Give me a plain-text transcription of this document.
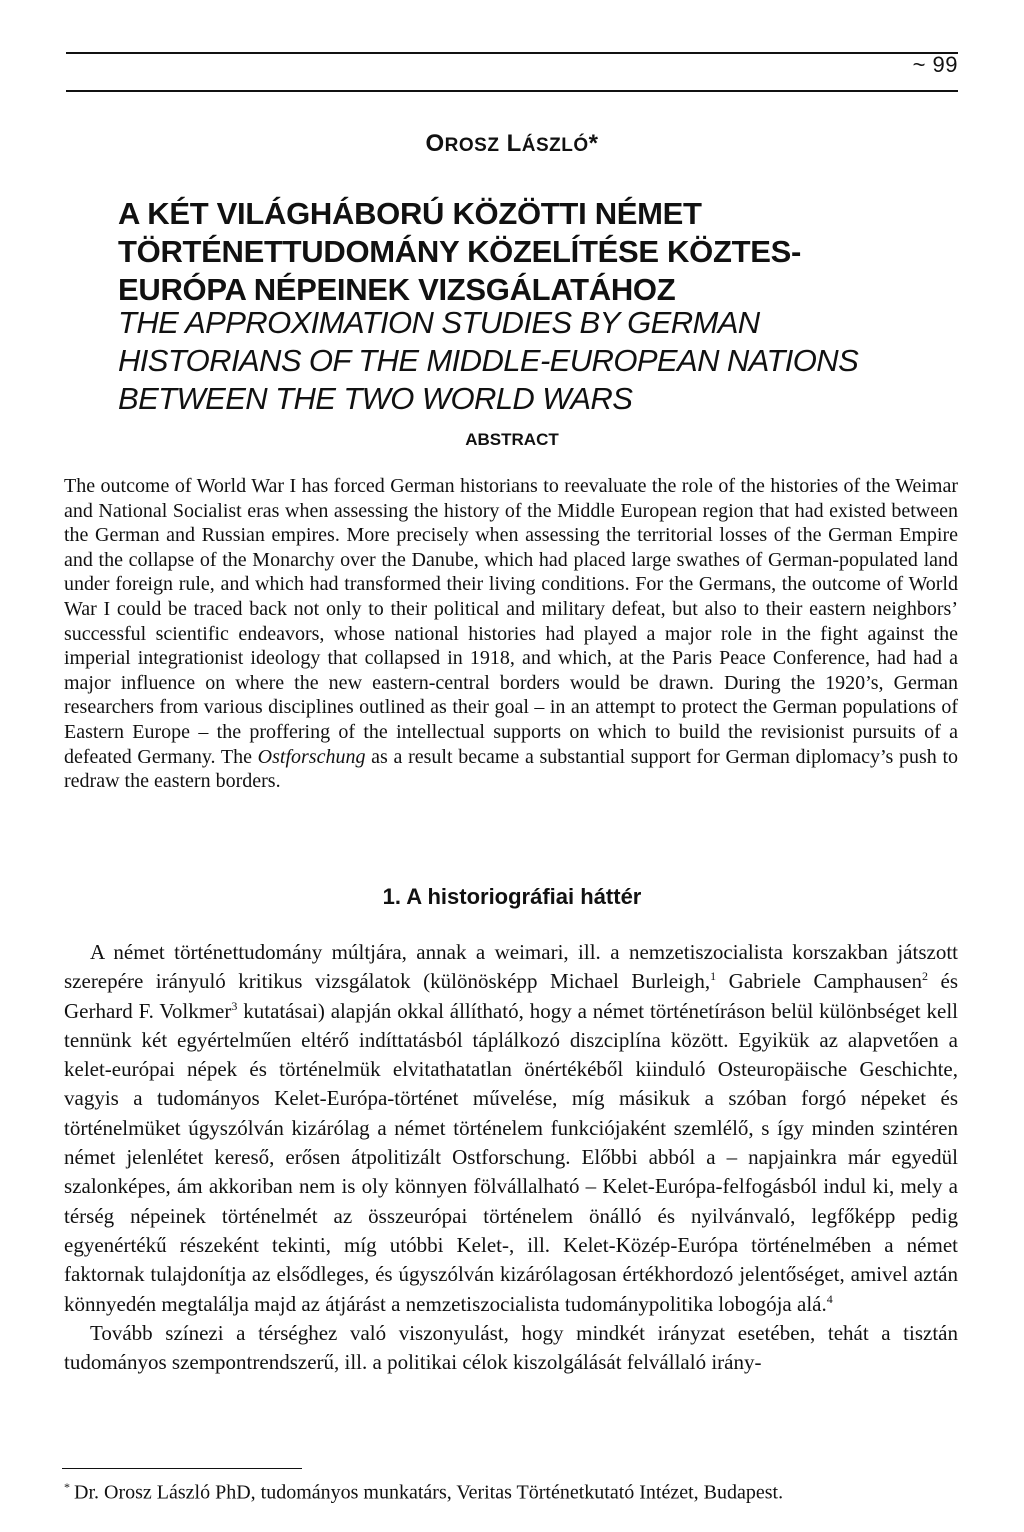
~ 99
OROSZ LÁSZLÓ*
A KÉT VILÁGHÁBORÚ KÖZÖTTI NÉMET TÖRTÉNETTUDOMÁNY KÖZELÍTÉSE KÖZTES-EURÓPA NÉPEINEK VIZSGÁLATÁHOZ
THE APPROXIMATION STUDIES BY GERMAN HISTORIANS OF THE MIDDLE-EUROPEAN NATIONS BETWEEN THE TWO WORLD WARS
ABSTRACT

The outcome of World War I has forced German historians to reevaluate the role of the histories of the Weimar and National Socialist eras when assessing the history of the Middle European region that had existed between the German and Russian empires. More precisely when assessing the territorial losses of the German Empire and the collapse of the Monarchy over the Danube, which had placed large swathes of German-populated land under foreign rule, and which had transformed their living conditions. For the Germans, the outcome of World War I could be traced back not only to their political and military defeat, but also to their eastern neighbors’ successful scientific endeavors, whose national histories had played a major role in the fight against the imperial integrationist ideology that collapsed in 1918, and which, at the Paris Peace Conference, had had a major influence on where the new eastern-central borders would be drawn. During the 1920’s, German researchers from various disciplines outlined as their goal – in an attempt to protect the German populations of Eastern Europe – the proffering of the intellectual supports on which to build the revisionist pursuits of a defeated Germany. The Ostforschung as a result became a substantial support for German diplomacy’s push to redraw the eastern borders.

1. A historiográfiai háttér

A német történettudomány múltjára, annak a weimari, ill. a nemzetiszocialista korszakban játszott szerepére irányuló kritikus vizsgálatok (különösképp Michael Burleigh,$^1$ Gabriele Camphausen$^2$ és Gerhard F. Volkmer$^3$ kutatásai) alapján okkal állítható, hogy a német történetíráson belül különbséget kell tennünk két egyértelműen eltérő indíttatásból táplálkozó diszciplína között. Egyikük az alapvetően a kelet-európai népek és történelmük elvitathatatlan önértékéből kiinduló Osteuropäische Geschichte, vagyis a tudományos Kelet-Európa-történet művelése, míg másikuk a szóban forgó népeket és történelmüket úgyszólván kizárólag a német történelem funkciójaként szemlélő, s így minden szintéren német jelenlétet kereső, erősen átpolitizált Ostforschung. Előbbi abból a – napjainkra már egyedül szalonképes, ám akkoriban nem is oly könnyen fölvállalható – Kelet-Európa-felfogásból indul ki, mely a térség népeinek történelmét az összeurópai történelem önálló és nyilvánvaló, legfőképp pedig egyenértékű részeként tekinti, míg utóbbi Kelet-, ill. Kelet-Közép-Európa történelmében a német faktornak tulajdonítja az elsődleges, és úgyszólván kizárólagosan értékhordozó jelentőséget, amivel aztán könnyedén megtalálja majd az átjárást a nemzetiszocialista tudománypolitika lobogója alá.$^4$

Tovább színezi a térséghez való viszonyulást, hogy mindkét irányzat esetében, tehát a tisztán tudományos szempontrendszerű, ill. a politikai célok kiszolgálását felvállaló irány-

* Dr. Orosz László PhD, tudományos munkatárs, Veritas Történetkutató Intézet, Budapest.
